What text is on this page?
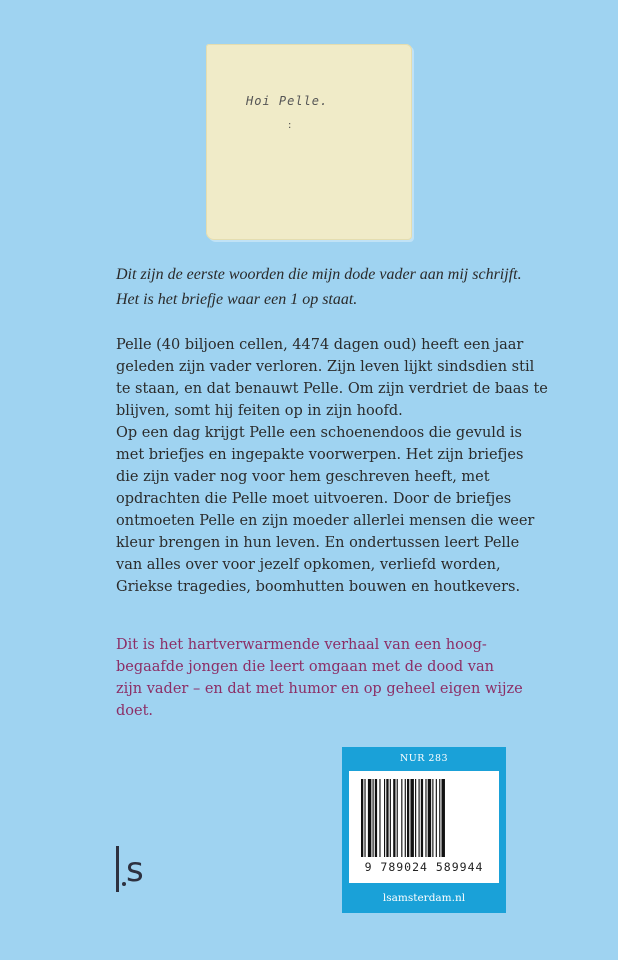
Hoi Pelle.
:
Dit zijn de eerste woorden die mijn dode vader aan mij schrijft.
Het is het briefje waar een 1 op staat.

Pelle (40 biljoen cellen, 4474 dagen oud) heeft een jaar
geleden zijn vader verloren. Zijn leven lijkt sindsdien stil
te staan, en dat benauwt Pelle. Om zijn verdriet de baas te
blijven, somt hij feiten op in zijn hoofd.
Op een dag krijgt Pelle een schoenendoos die gevuld is
met briefjes en ingepakte voorwerpen. Het zijn briefjes
die zijn vader nog voor hem geschreven heeft, met
opdrachten die Pelle moet uitvoeren. Door de briefjes
ontmoeten Pelle en zijn moeder allerlei mensen die weer
kleur brengen in hun leven. En ondertussen leert Pelle
van alles over voor jezelf opkomen, verliefd worden,
Griekse tragedies, boomhutten bouwen en houtkevers.

Dit is het hartverwarmende verhaal van een hoog-
begaafde jongen die leert omgaan met de dood van
zijn vader – en dat met humor en op geheel eigen wijze
doet.
s
NUR 283
9 789024 589944
lsamsterdam.nl
